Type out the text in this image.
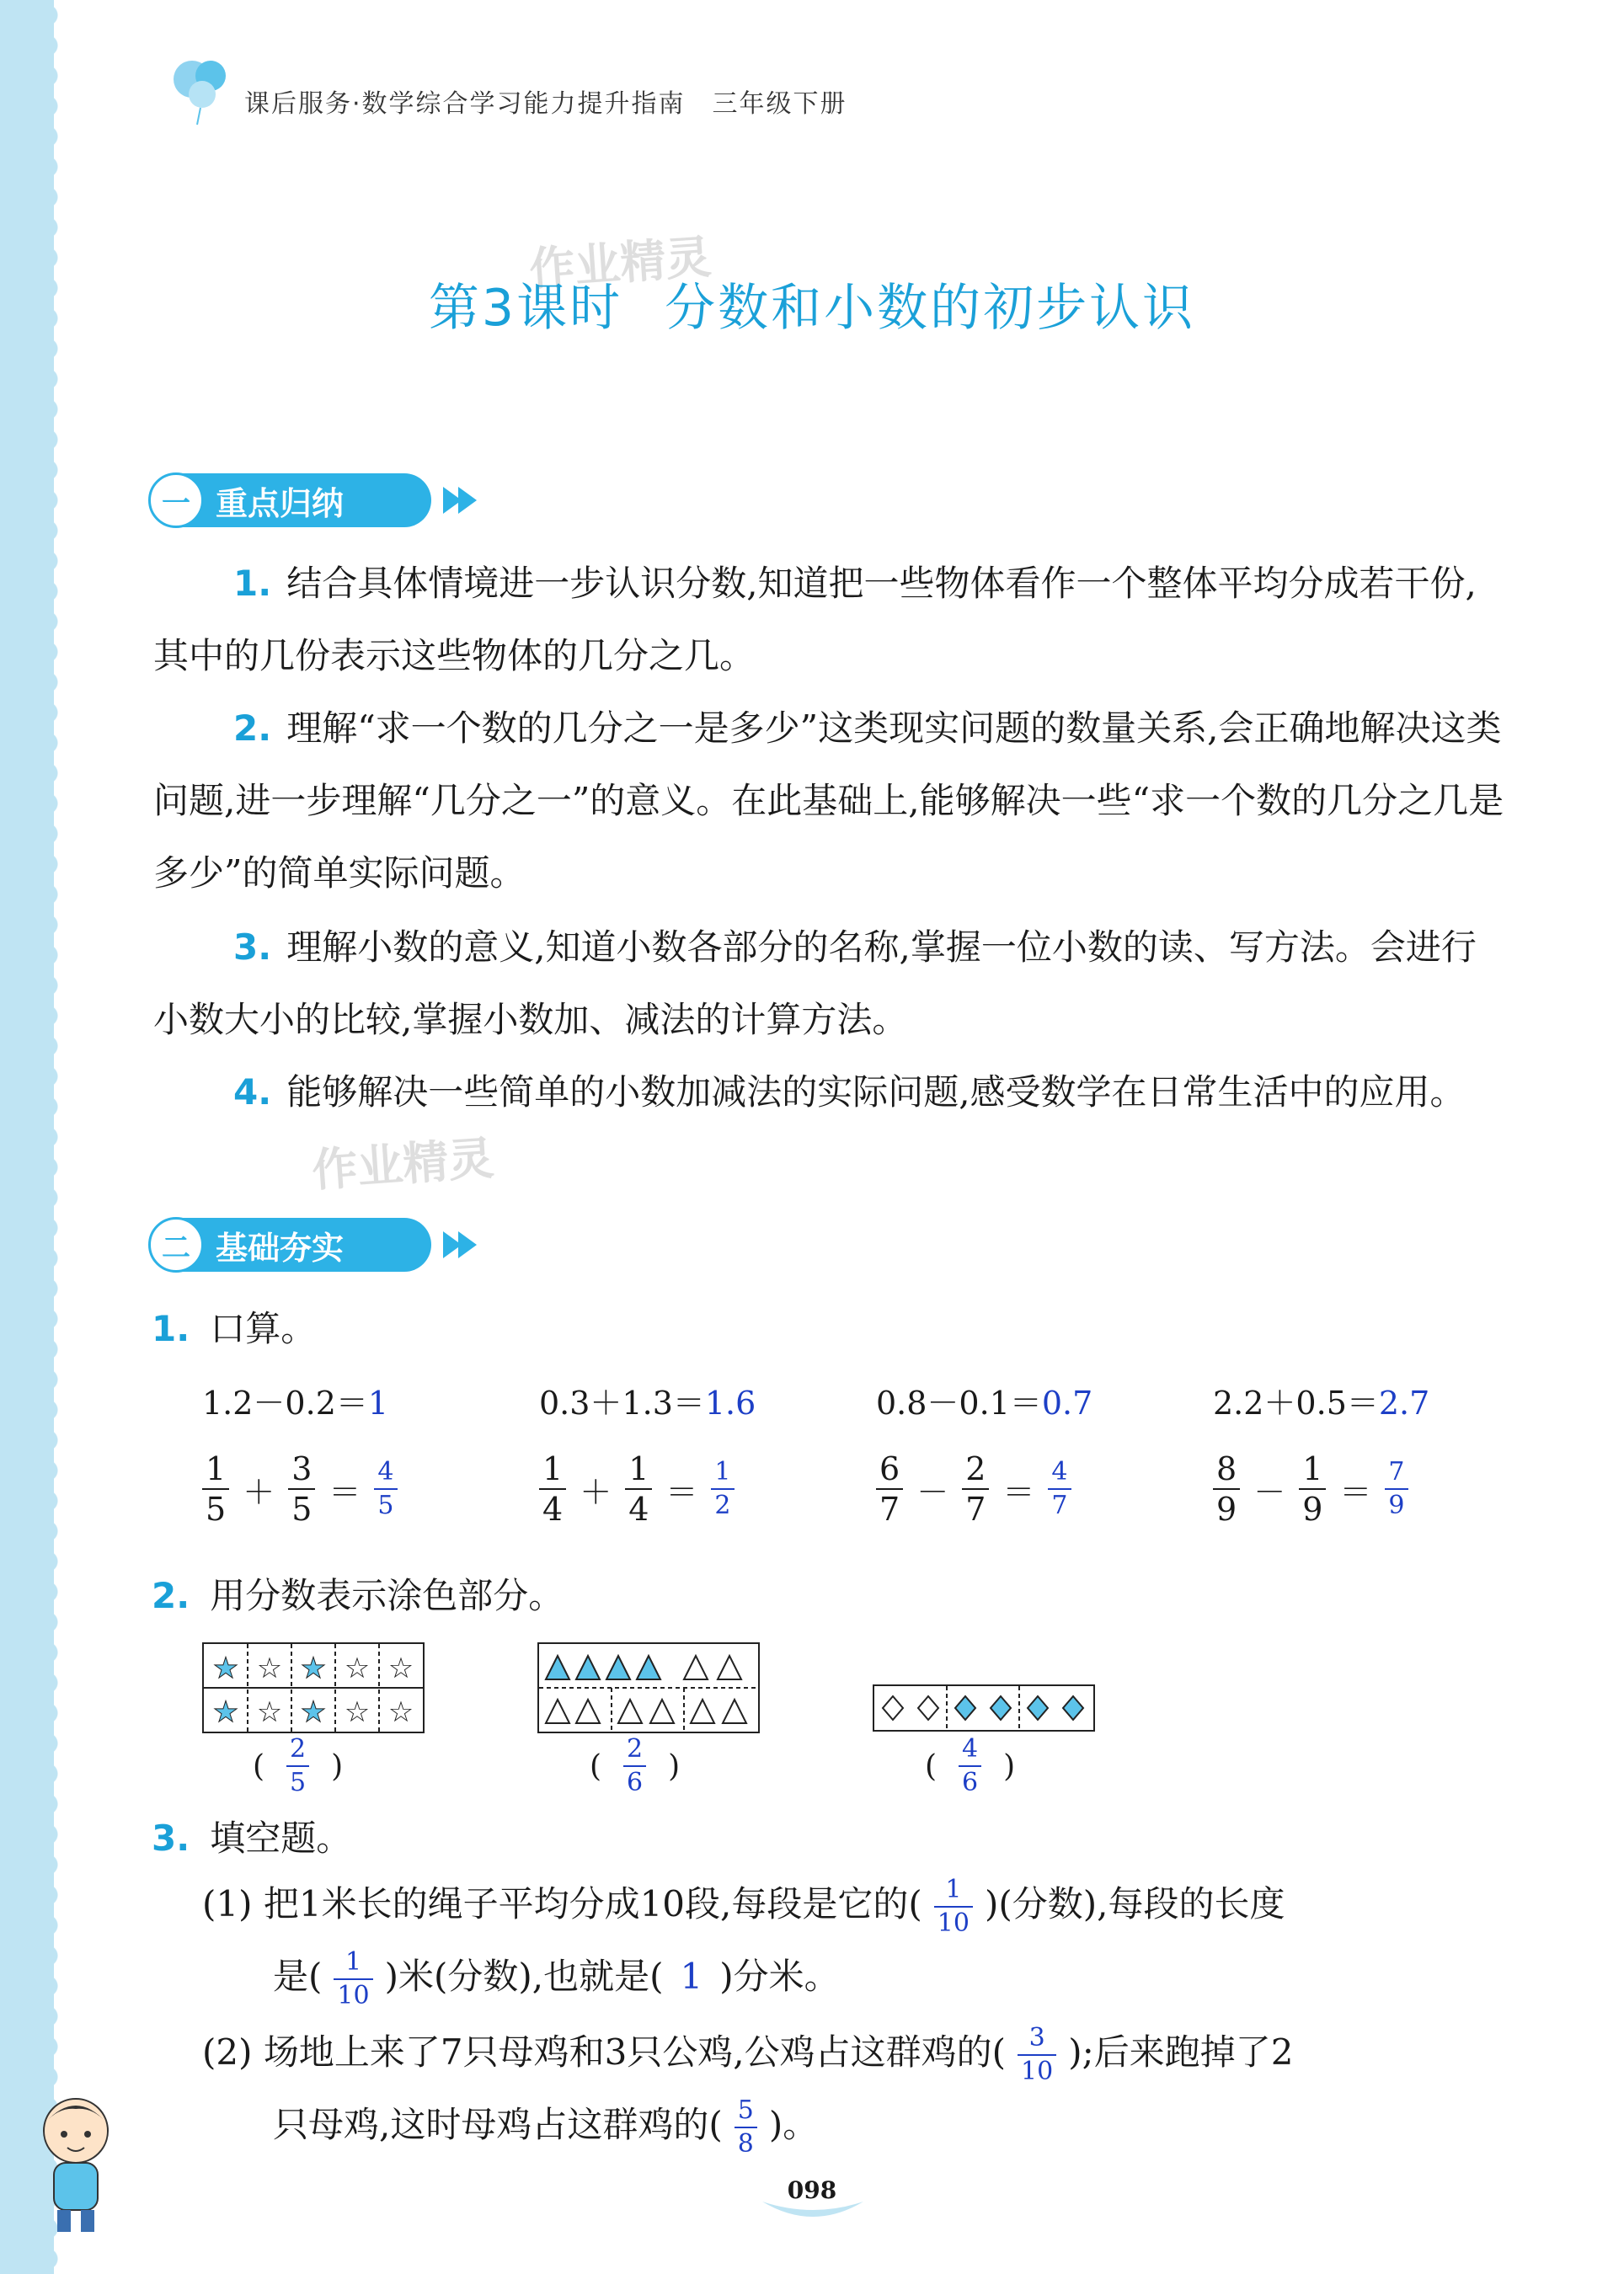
课后服务·数学综合学习能力提升指南　三年级下册
作业精灵
第3课时 分数和小数的初步认识
一 重点归纳
1. 结合具体情境进一步认识分数,知道把一些物体看作一个整体平均分成若干份,其中的几份表示这些物体的几分之几。
2. 理解“求一个数的几分之一是多少”这类现实问题的数量关系,会正确地解决这类问题,进一步理解“几分之一”的意义。在此基础上,能够解决一些“求一个数的几分之几是多少”的简单实际问题。
3. 理解小数的意义,知道小数各部分的名称,掌握一位小数的读、写方法。会进行小数大小的比较,掌握小数加、减法的计算方法。
4. 能够解决一些简单的小数加减法的实际问题,感受数学在日常生活中的应用。
作业精灵
二 基础夯实
1. 口算。
1.2－0.2＝1	0.3＋1.3＝1.6	0.8－0.1＝0.7	2.2＋0.5＝2.7
$\frac{1}{5} + \frac{3}{5} = \frac{4}{5}$	$\frac{1}{4} + \frac{1}{4} = \frac{1}{2}$	$\frac{6}{7} - \frac{2}{7} = \frac{4}{7}$	$\frac{8}{9} - \frac{1}{9} = \frac{7}{9}$
2. 用分数表示涂色部分。
★ ☆ ★ ☆ ☆
★ ☆ ★ ☆ ☆
( $\frac{2}{5}$ )	( $\frac{2}{6}$ )	( $\frac{4}{6}$ )
3. 填空题。
(1) 把1米长的绳子平均分成10段,每段是它的( $\frac{1}{10}$ )(分数),每段的长度
是( $\frac{1}{10}$ )米(分数),也就是( 1 )分米。
(2) 场地上来了7只母鸡和3只公鸡,公鸡占这群鸡的( $\frac{3}{10}$ );后来跑掉了2
只母鸡,这时母鸡占这群鸡的( $\frac{5}{8}$ )。
098
